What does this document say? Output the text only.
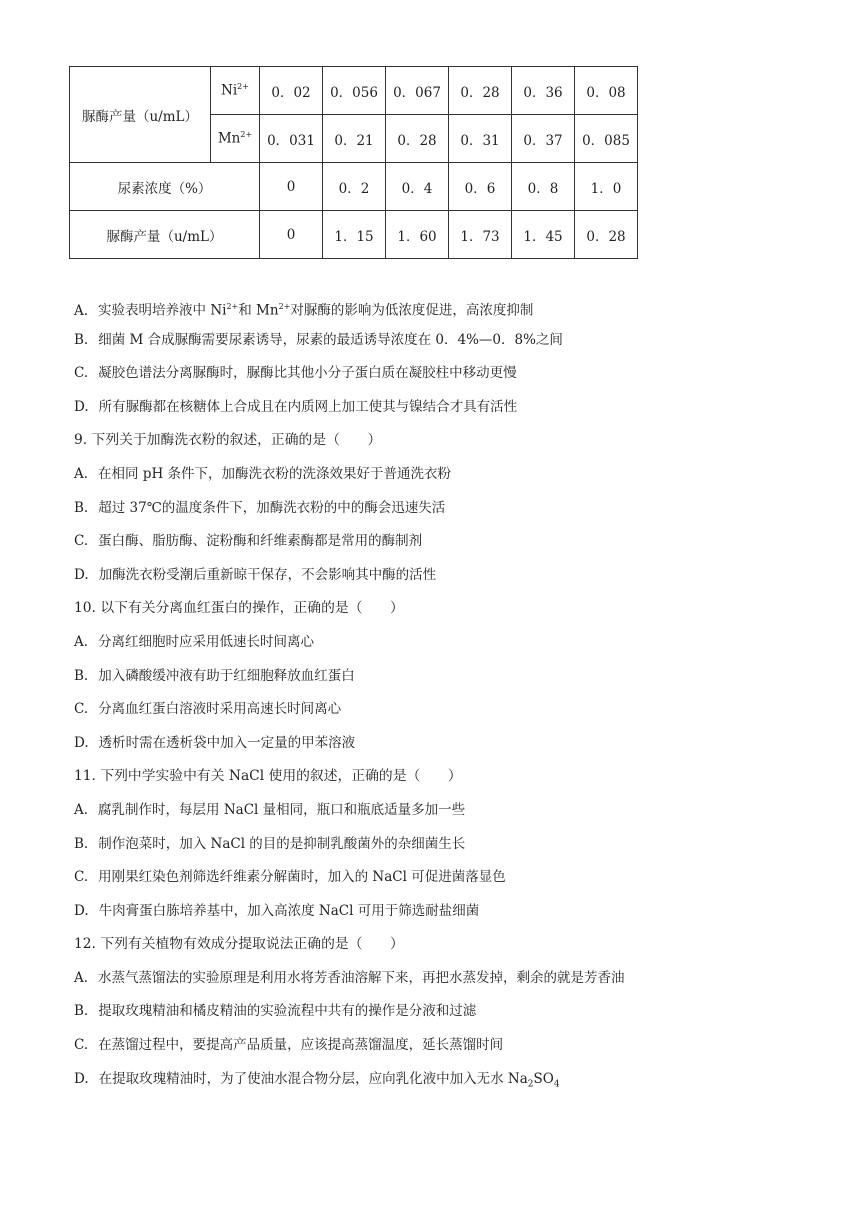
脲酶产量（u/mL）	$Ni^{2+}$	0．02	0．056	0．067	0．28	0．36	0．08
	$Mn^{2+}$	0．031	0．21	0．28	0．31	0．37	0．085
尿素浓度（%）		0	0．2	0．4	0．6	0．8	1．0
脲酶产量（u/mL）		0	1．15	1．60	1．73	1．45	0．28
A. 实验表明培养液中 $Ni^{2+}$和 $Mn^{2+}$对脲酶的影响为低浓度促进，高浓度抑制
B. 细菌 M 合成脲酶需要尿素诱导，尿素的最适诱导浓度在 0．4%—0．8%之间
C. 凝胶色谱法分离脲酶时，脲酶比其他小分子蛋白质在凝胶柱中移动更慢
D. 所有脲酶都在核糖体上合成且在内质网上加工使其与镍结合才具有活性
9. 下列关于加酶洗衣粉的叙述，正确的是（　　）
A. 在相同 pH 条件下，加酶洗衣粉的洗涤效果好于普通洗衣粉
B. 超过 37℃的温度条件下，加酶洗衣粉的中的酶会迅速失活
C. 蛋白酶、脂肪酶、淀粉酶和纤维素酶都是常用的酶制剂
D. 加酶洗衣粉受潮后重新晾干保存，不会影响其中酶的活性
10. 以下有关分离血红蛋白的操作，正确的是（　　）
A. 分离红细胞时应采用低速长时间离心
B. 加入磷酸缓冲液有助于红细胞释放血红蛋白
C. 分离血红蛋白溶液时采用高速长时间离心
D. 透析时需在透析袋中加入一定量的甲苯溶液
11. 下列中学实验中有关 NaCl 使用的叙述，正确的是（　　）
A. 腐乳制作时，每层用 NaCl 量相同，瓶口和瓶底适量多加一些
B. 制作泡菜时，加入 NaCl 的目的是抑制乳酸菌外的杂细菌生长
C. 用刚果红染色剂筛选纤维素分解菌时，加入的 NaCl 可促进菌落显色
D. 牛肉膏蛋白胨培养基中，加入高浓度 NaCl 可用于筛选耐盐细菌
12. 下列有关植物有效成分提取说法正确的是（　　）
A. 水蒸气蒸馏法的实验原理是利用水将芳香油溶解下来，再把水蒸发掉，剩余的就是芳香油
B. 提取玫瑰精油和橘皮精油的实验流程中共有的操作是分液和过滤
C. 在蒸馏过程中，要提高产品质量，应该提高蒸馏温度，延长蒸馏时间
D. 在提取玫瑰精油时，为了使油水混合物分层，应向乳化液中加入无水 $Na_2SO_4$
